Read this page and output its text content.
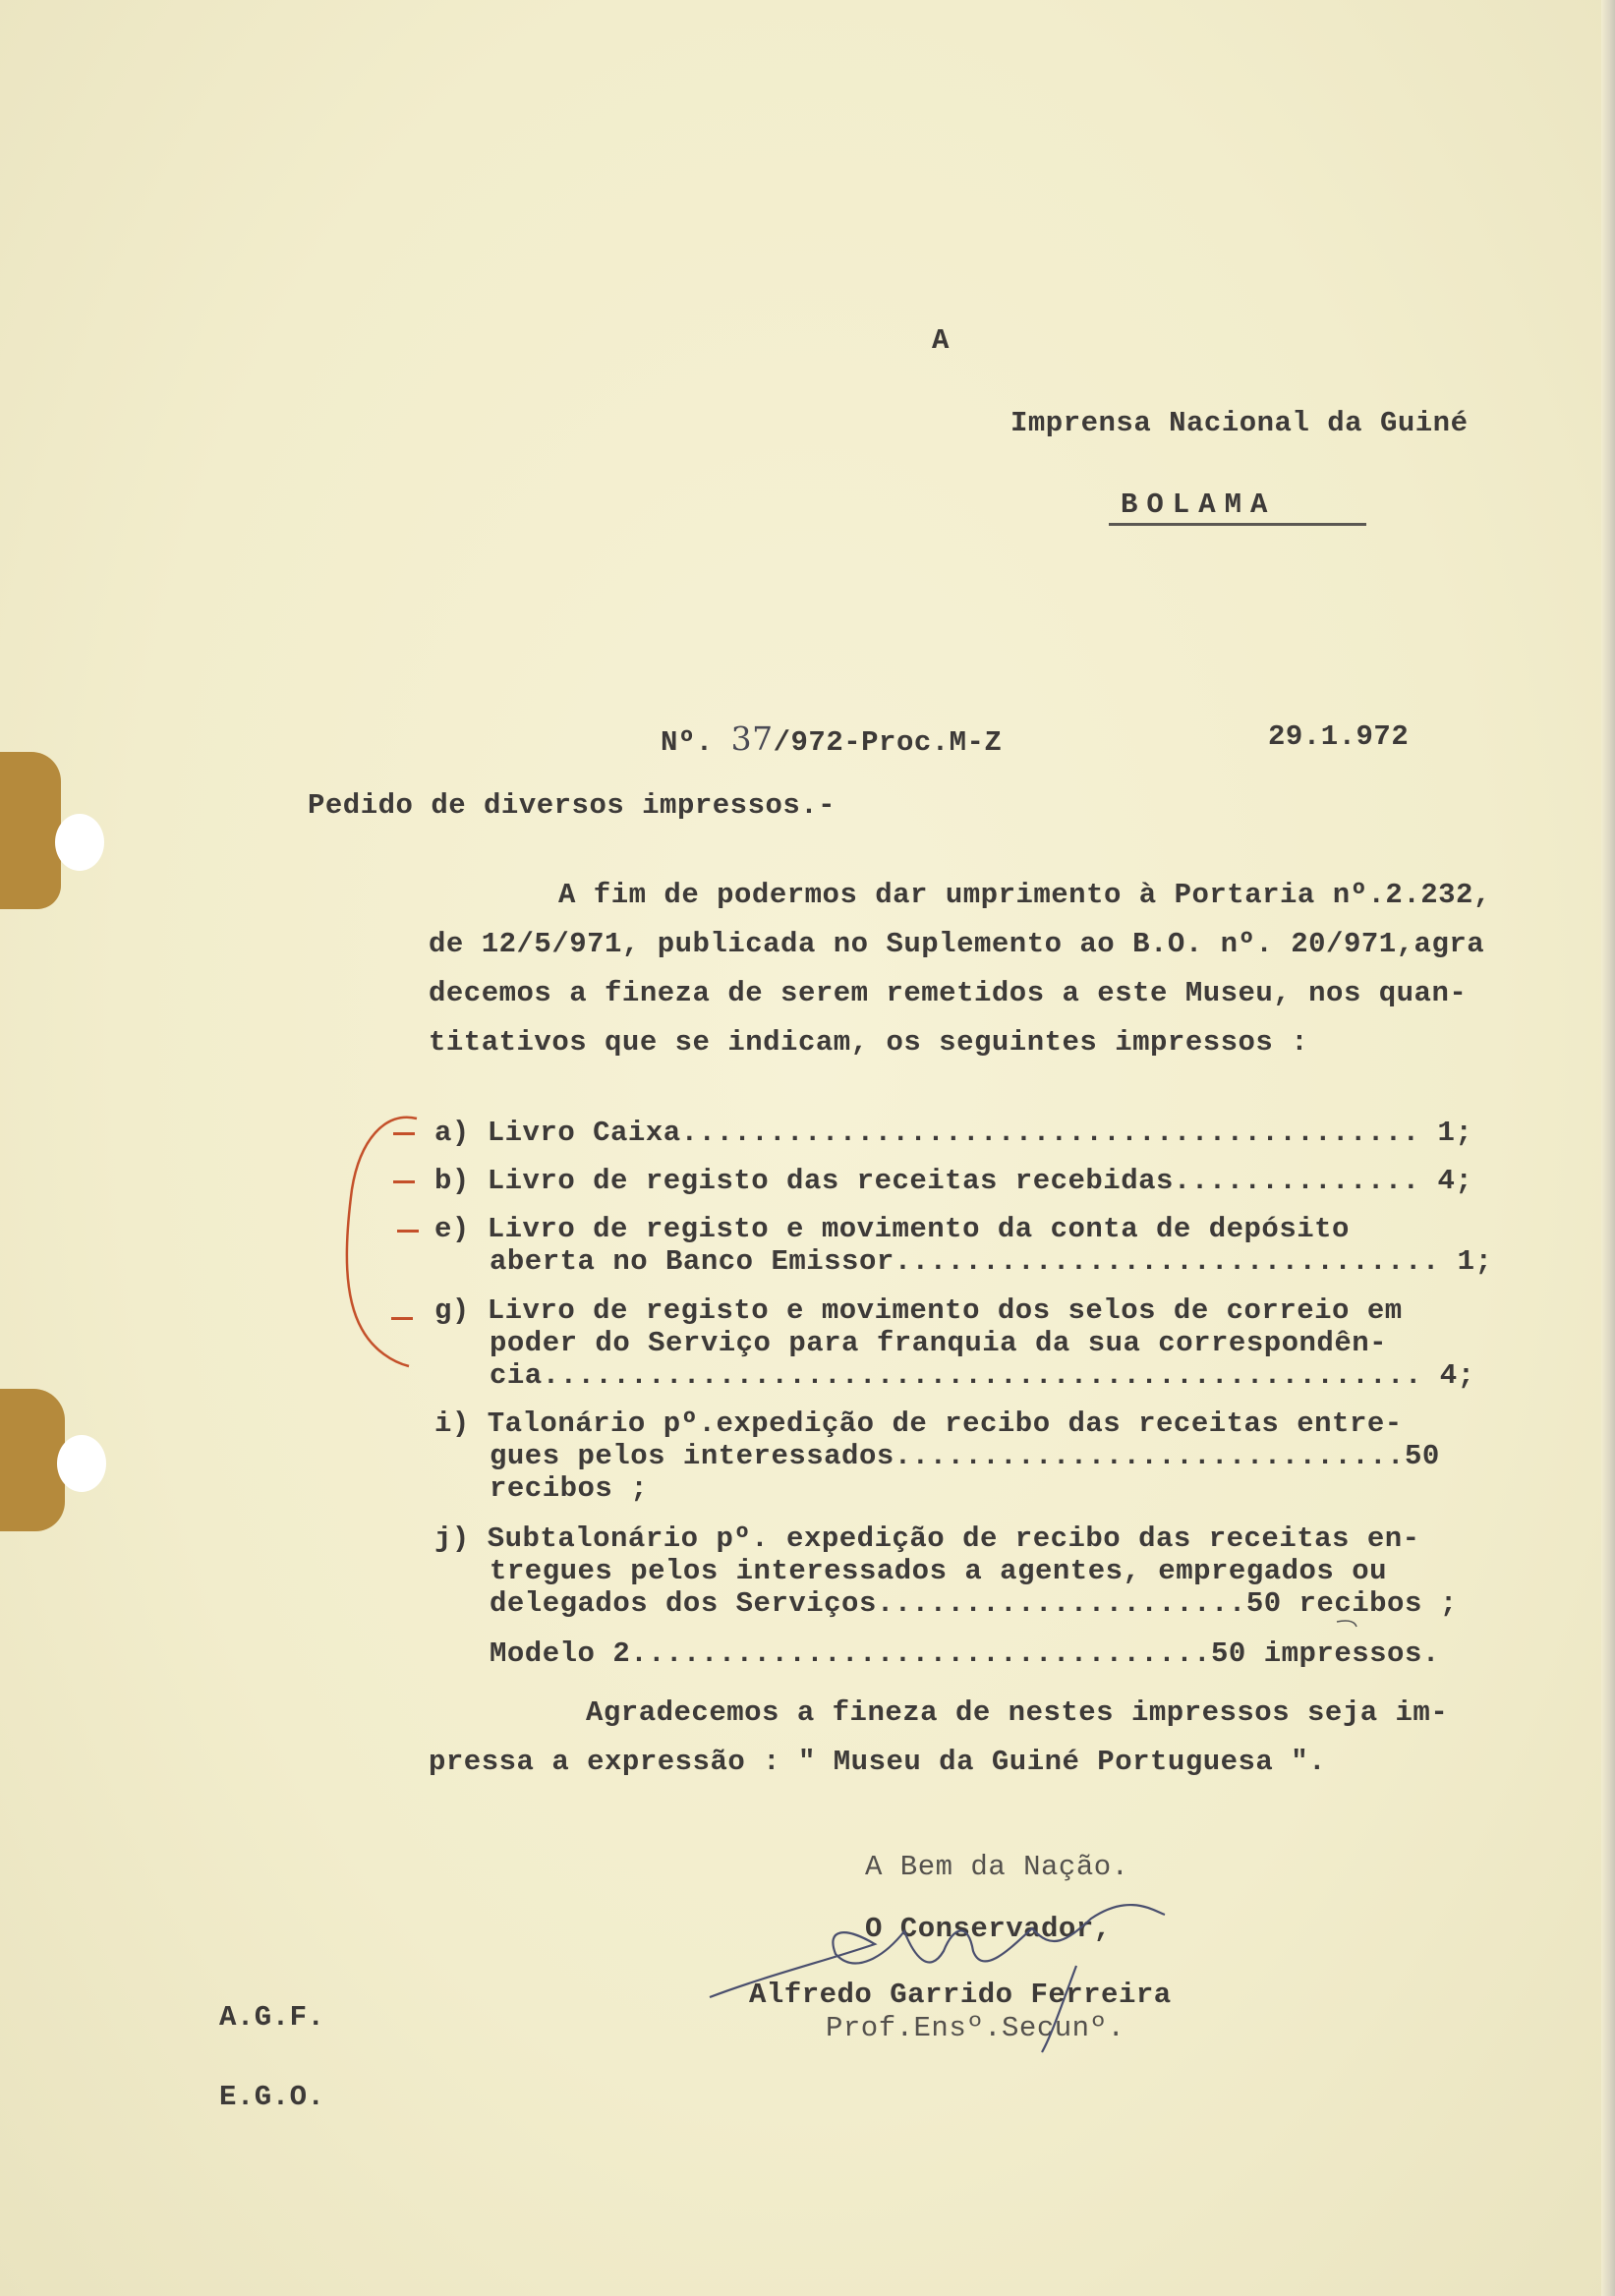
A
Imprensa Nacional da Guiné
BOLAMA
Nº. 37/972-Proc.M-Z	29.1.972
Pedido de diversos impressos.-
A fim de podermos dar umprimento à Portaria nº.2.232,
de 12/5/971, publicada no Suplemento ao B.O. nº. 20/971,agra
decemos a fineza de serem remetidos a este Museu, nos quan-
titativos que se indicam, os seguintes impressos :
a) Livro Caixa.......................................... 1;
b) Livro de registo das receitas recebidas.............. 4;
e) Livro de registo e movimento da conta de depósito
aberta no Banco Emissor............................... 1;
g) Livro de registo e movimento dos selos de correio em
poder do Serviço para franquia da sua correspondên-
cia.................................................. 4;
i) Talonário pº.expedição de recibo das receitas entre-
gues pelos interessados.............................50
recibos ;
j) Subtalonário pº. expedição de recibo das receitas en-
tregues pelos interessados a agentes, empregados ou
delegados dos Serviços.....................50 recibos ;
Modelo 2.................................50 impressos.
Agradecemos a fineza de nestes impressos seja im-
pressa a expressão : " Museu da Guiné Portuguesa ".
A Bem da Nação.
O Conservador,
Alfredo Garrido Ferreira
Prof.Ensº.Secunº.
A.G.F.
E.G.O.
